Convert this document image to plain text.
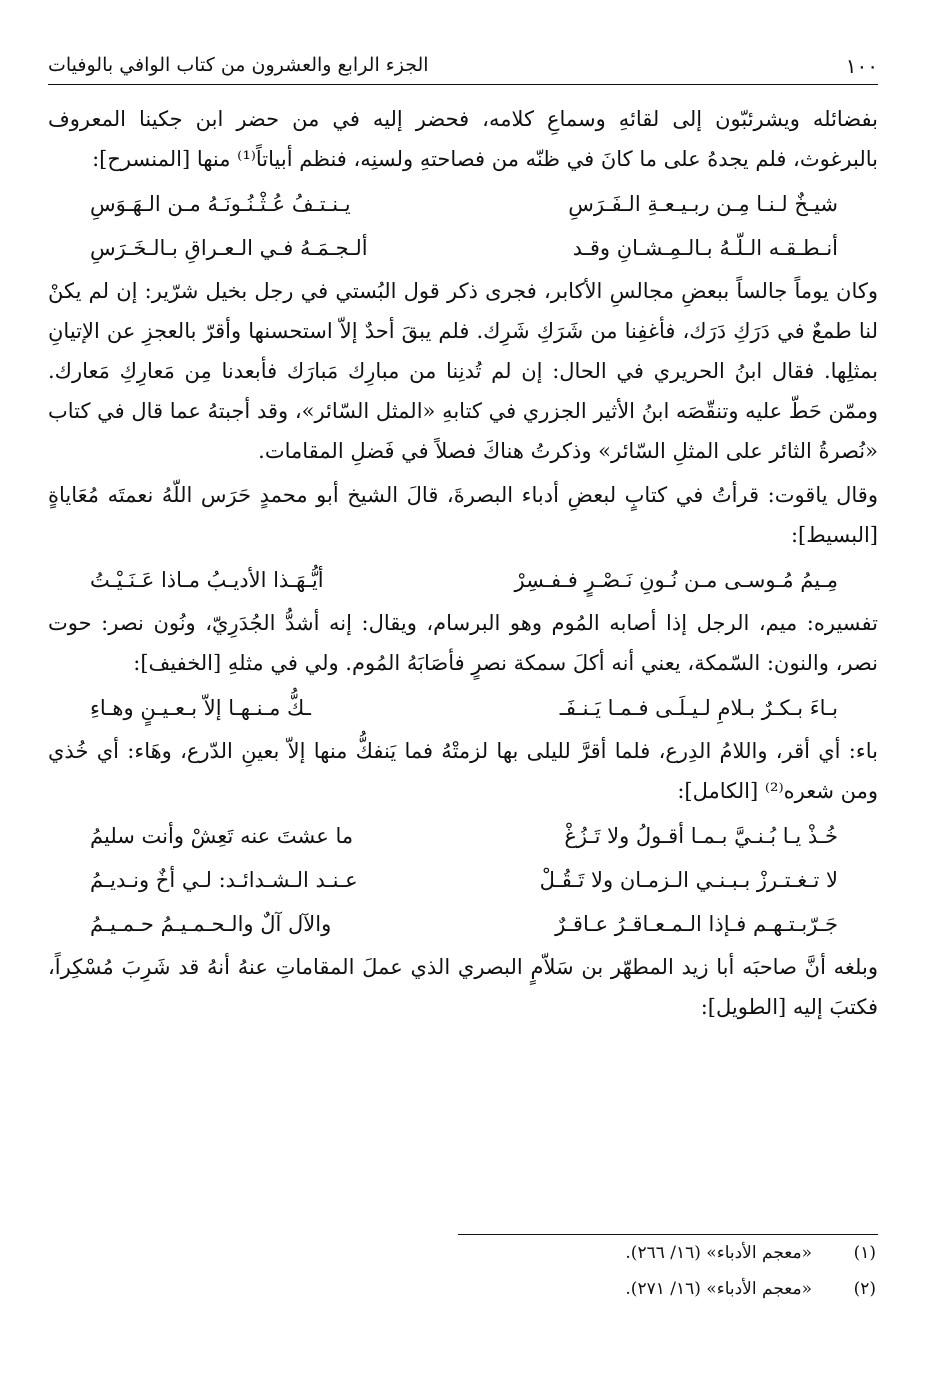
١٠٠
الجزء الرابع والعشرون من كتاب الوافي بالوفيات

بفضائله ويشرئبّون إلى لقائهِ وسماعِ كلامه، فحضر إليه في من حضر ابن جكينا المعروف بالبرغوث، فلم يجدهُ على ما كانَ في ظنّه من فصاحتهِ ولسنِه، فنظم أبياتاً⁽¹⁾ منها [المنسرح]:

شيـخٌ لـنـا مِـن ربـيـعـةِ الـفَـرَسِ
يـنـتـفُ عُـثْـنُـونَـهُ مـن الـهَـوَسِ
أنـطـقـه الـلّـهُ بـالـمِـشـانِ وقـد
ألـجـمَـهُ فـي الـعـراقِ بـالـخَـرَسِ

وكان يوماً جالساً ببعضِ مجالسِ الأكابر، فجرى ذكر قول البُستي في رجل بخيل شرّير: إن لم يكنْ لنا طمعٌ في دَرَكِ دَرَك، فأغفِنا من شَرَكِ شَرِك. فلم يبقَ أحدٌ إلاّ استحسنها وأقرّ بالعجزِ عن الإتيانِ بمثلِها. فقال ابنُ الحريري في الحال: إن لم تُدنِنا من مبارِك مَبارَك فأبعدنا مِن مَعارِكِ مَعارك. وممّن حَطّ عليه وتنقّصَه ابنُ الأثير الجزري في كتابهِ «المثل السّائر»، وقد أجبتهُ عما قال في كتاب «نُصرةُ الثائر على المثلِ السّائر» وذكرتُ هناكَ فصلاً في فَضلِ المقامات.

وقال ياقوت: قرأتُ في كتابٍ لبعضِ أدباء البصرةَ، قالَ الشيخ أبو محمدٍ حَرَس اللّهُ نعمتَه مُعَاياةٍ [البسيط]:

مِـيمُ مُـوسـى مـن نُـونِ نَـصْـرٍ فـفـسِرْ
أيُّـهَـذا الأديـبُ مـاذا عَـنَـيْـتُ

تفسيره: ميم، الرجل إذا أصابه المُوم وهو البرسام، ويقال: إنه أشدُّ الجُدَرِيّ، ونُون نصر: حوت نصر، والنون: السّمكة، يعني أنه أكلَ سمكة نصرٍ فأصَابَهُ المُوم. ولي في مثلهِ [الخفيف]:

بـاءَ بـكـرٌ بـلامِ لـيـلَـى فـمـا يَـنـفَـ
ـكُّ مـنـهـا إلاّ بـعـيـنٍ وهـاءِ

باء: أي أقر، واللامُ الدِرع، فلما أقرَّ لليلى بها لزمتْهُ فما يَنفكُّ منها إلاّ بعينِ الدّرع، وهَاء: أي خُذي ومن شعره⁽²⁾ [الكامل]:

خُـذْ يـا بُـنـيَّ بـمـا أقـولُ ولا تَـزُغْ
ما عشتَ عنه تَعِشْ وأنت سليمُ
لا تـغـتـرزْ بـبـنـي الـزمـان ولا تَـقُـلْ
عـنـد الـشـدائـد: لـي أخٌ ونـديـمُ
جَـرّبـتـهـم فـإذا الـمـعـاقـرُ عـاقـرٌ
والآل آلٌ والـحـمـيـمُ حـمـيـمُ

وبلغه أنَّ صاحبَه أبا زيد المطهّر بن سَلاّمٍ البصري الذي عملَ المقاماتِ عنهُ أنهُ قد شَرِبَ مُسْكِراً، فكتبَ إليه [الطويل]:

(١)
«معجم الأدباء» (١٦/ ٢٦٦).
(٢)
«معجم الأدباء» (١٦/ ٢٧١).
